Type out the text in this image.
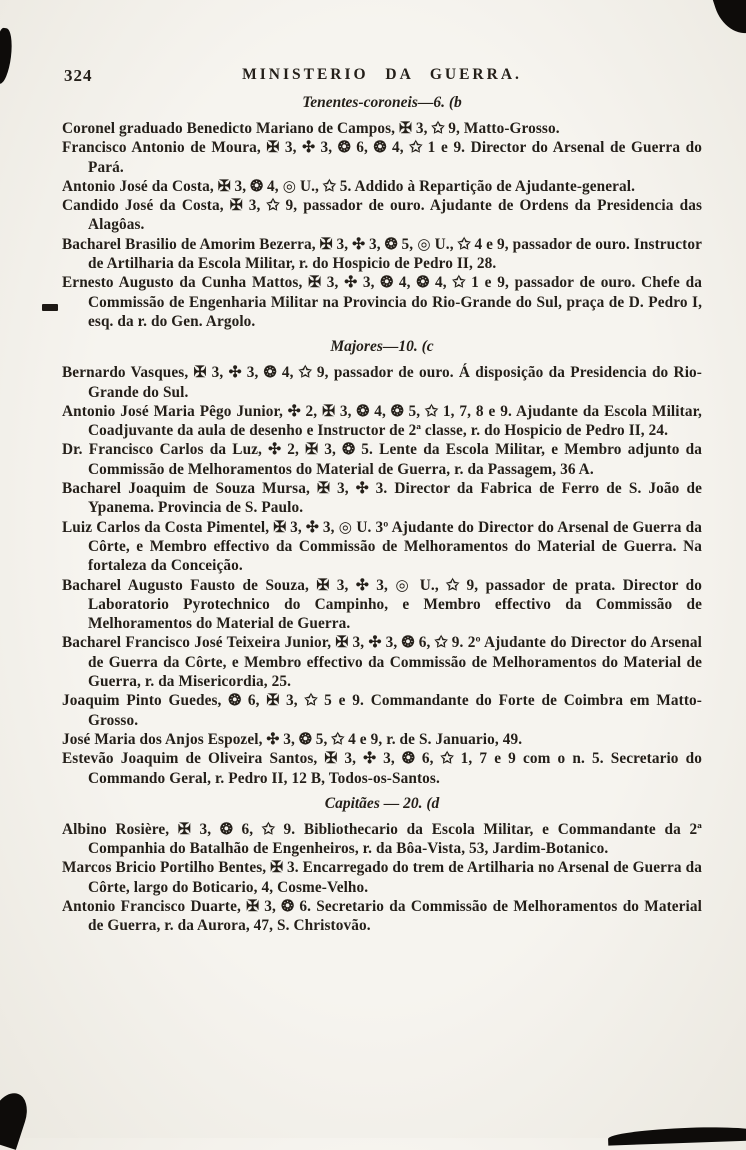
324	MINISTERIO DA GUERRA.
Tenentes-coroneis—6. (b

Coronel graduado Benedicto Mariano de Campos, ✠ 3, ✩ 9, Matto-Grosso.

Francisco Antonio de Moura, ✠ 3, ✣ 3, ❂ 6, ❂ 4, ✩ 1 e 9. Director do Arsenal de Guerra do Pará.

Antonio José da Costa, ✠ 3, ❂ 4, ◎ U., ✩ 5. Addido à Repartição de Ajudante-general.

Candido José da Costa, ✠ 3, ✩ 9, passador de ouro. Ajudante de Ordens da Presidencia das Alagôas.

Bacharel Brasilio de Amorim Bezerra, ✠ 3, ✣ 3, ❂ 5, ◎ U., ✩ 4 e 9, passador de ouro. Instructor de Artilharia da Escola Militar, r. do Hospicio de Pedro II, 28.

Ernesto Augusto da Cunha Mattos, ✠ 3, ✣ 3, ❂ 4, ❂ 4, ✩ 1 e 9, passador de ouro. Chefe da Commissão de Engenharia Militar na Provincia do Rio-Grande do Sul, praça de D. Pedro I, esq. da r. do Gen. Argolo.

Majores—10. (c

Bernardo Vasques, ✠ 3, ✣ 3, ❂ 4, ✩ 9, passador de ouro. Á disposição da Presidencia do Rio-Grande do Sul.

Antonio José Maria Pêgo Junior, ✣ 2, ✠ 3, ❂ 4, ❂ 5, ✩ 1, 7, 8 e 9. Ajudante da Escola Militar, Coadjuvante da aula de desenho e Instructor de 2ª classe, r. do Hospicio de Pedro II, 24.

Dr. Francisco Carlos da Luz, ✣ 2, ✠ 3, ❂ 5. Lente da Escola Militar, e Membro adjunto da Commissão de Melhoramentos do Material de Guerra, r. da Passagem, 36 A.

Bacharel Joaquim de Souza Mursa, ✠ 3, ✣ 3. Director da Fabrica de Ferro de S. João de Ypanema. Provincia de S. Paulo.

Luiz Carlos da Costa Pimentel, ✠ 3, ✣ 3, ◎ U. 3º Ajudante do Director do Arsenal de Guerra da Côrte, e Membro effectivo da Commissão de Melhoramentos do Material de Guerra. Na fortaleza da Conceição.

Bacharel Augusto Fausto de Souza, ✠ 3, ✣ 3, ◎ U., ✩ 9, passador de prata. Director do Laboratorio Pyrotechnico do Campinho, e Membro effectivo da Commissão de Melhoramentos do Material de Guerra.

Bacharel Francisco José Teixeira Junior, ✠ 3, ✣ 3, ❂ 6, ✩ 9. 2º Ajudante do Director do Arsenal de Guerra da Côrte, e Membro effectivo da Commissão de Melhoramentos do Material de Guerra, r. da Misericordia, 25.

Joaquim Pinto Guedes, ❂ 6, ✠ 3, ✩ 5 e 9. Commandante do Forte de Coimbra em Matto-Grosso.

José Maria dos Anjos Espozel, ✣ 3, ❂ 5, ✩ 4 e 9, r. de S. Januario, 49.

Estevão Joaquim de Oliveira Santos, ✠ 3, ✣ 3, ❂ 6, ✩ 1, 7 e 9 com o n. 5. Secretario do Commando Geral, r. Pedro II, 12 B, Todos-os-Santos.

Capitães — 20. (d

Albino Rosière, ✠ 3, ❂ 6, ✩ 9. Bibliothecario da Escola Militar, e Commandante da 2ª Companhia do Batalhão de Engenheiros, r. da Bôa-Vista, 53, Jardim-Botanico.

Marcos Bricio Portilho Bentes, ✠ 3. Encarregado do trem de Artilharia no Arsenal de Guerra da Côrte, largo do Boticario, 4, Cosme-Velho.

Antonio Francisco Duarte, ✠ 3, ❂ 6. Secretario da Commissão de Melhoramentos do Material de Guerra, r. da Aurora, 47, S. Christovão.
